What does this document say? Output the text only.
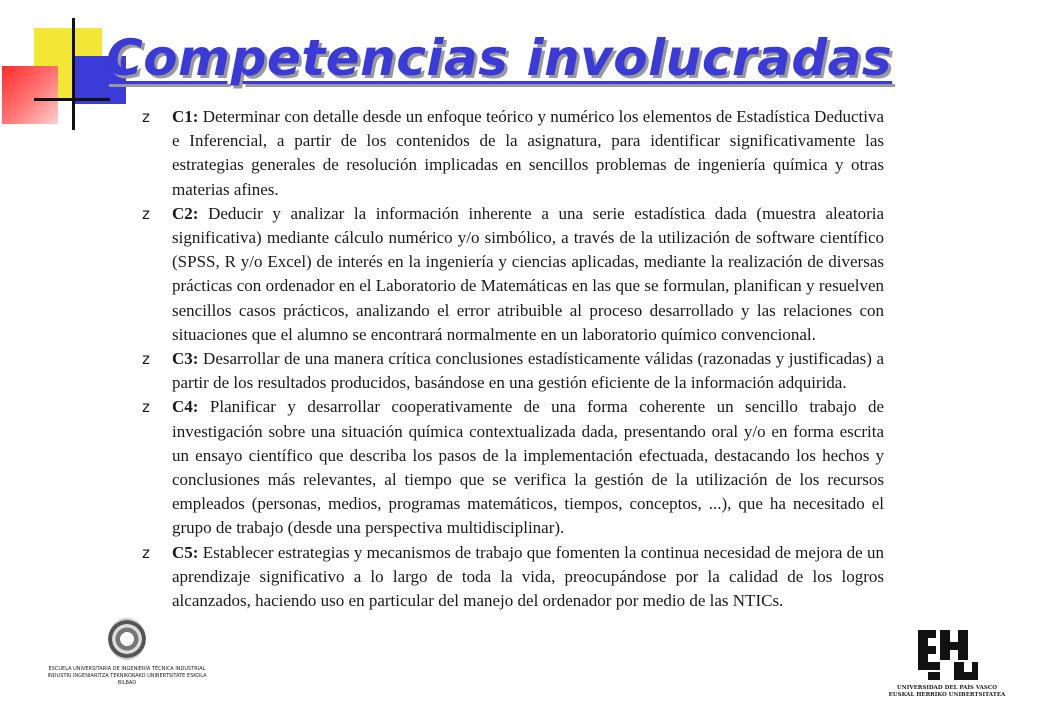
Competencias involucradas
z	C1: Determinar con detalle desde un enfoque teórico y numérico los elementos de Estadística Deductiva e Inferencial, a partir de los contenidos de la asignatura, para identificar significativamente las estrategias generales de resolución implicadas en sencillos problemas de ingeniería química y otras materias afines.
z	C2: Deducir y analizar la información inherente a una serie estadística dada (muestra aleatoria significativa) mediante cálculo numérico y/o simbólico, a través de la utilización de software científico (SPSS, R y/o Excel) de interés en la ingeniería y ciencias aplicadas, mediante la realización de diversas prácticas con ordenador en el Laboratorio de Matemáticas en las que se formulan, planifican y resuelven sencillos casos prácticos, analizando el error atribuible al proceso desarrollado y las relaciones con situaciones que el alumno se encontrará normalmente en un laboratorio químico convencional.
z	C3: Desarrollar de una manera crítica conclusiones estadísticamente válidas (razonadas y justificadas) a partir de los resultados producidos, basándose en una gestión eficiente de la información adquirida.
z	C4: Planificar y desarrollar cooperativamente de una forma coherente un sencillo trabajo de investigación sobre una situación química contextualizada dada, presentando oral y/o en forma escrita un ensayo científico que describa los pasos de la implementación efectuada, destacando los hechos y conclusiones más relevantes, al tiempo que se verifica la gestión de la utilización de los recursos empleados (personas, medios, programas matemáticos, tiempos, conceptos, ...), que ha necesitado el grupo de trabajo (desde una perspectiva multidisciplinar).
z	C5: Establecer estrategias y mecanismos de trabajo que fomenten la continua necesidad de mejora de un aprendizaje significativo a lo largo de toda la vida, preocupándose por la calidad de los logros alcanzados, haciendo uso en particular del manejo del ordenador por medio de las NTICs.
ESCUELA UNIVERSITARIA DE INGENIERÍA TÉCNICA INDUSTRIAL
INDUSTRI INGENIARITZA TEKNIKORAKO UNIBERTSITATE ESKOLA
BILBAO
UNIVERSIDAD DEL PAÍS VASCO
EUSKAL HERRIKO UNIBERTSITATEA
